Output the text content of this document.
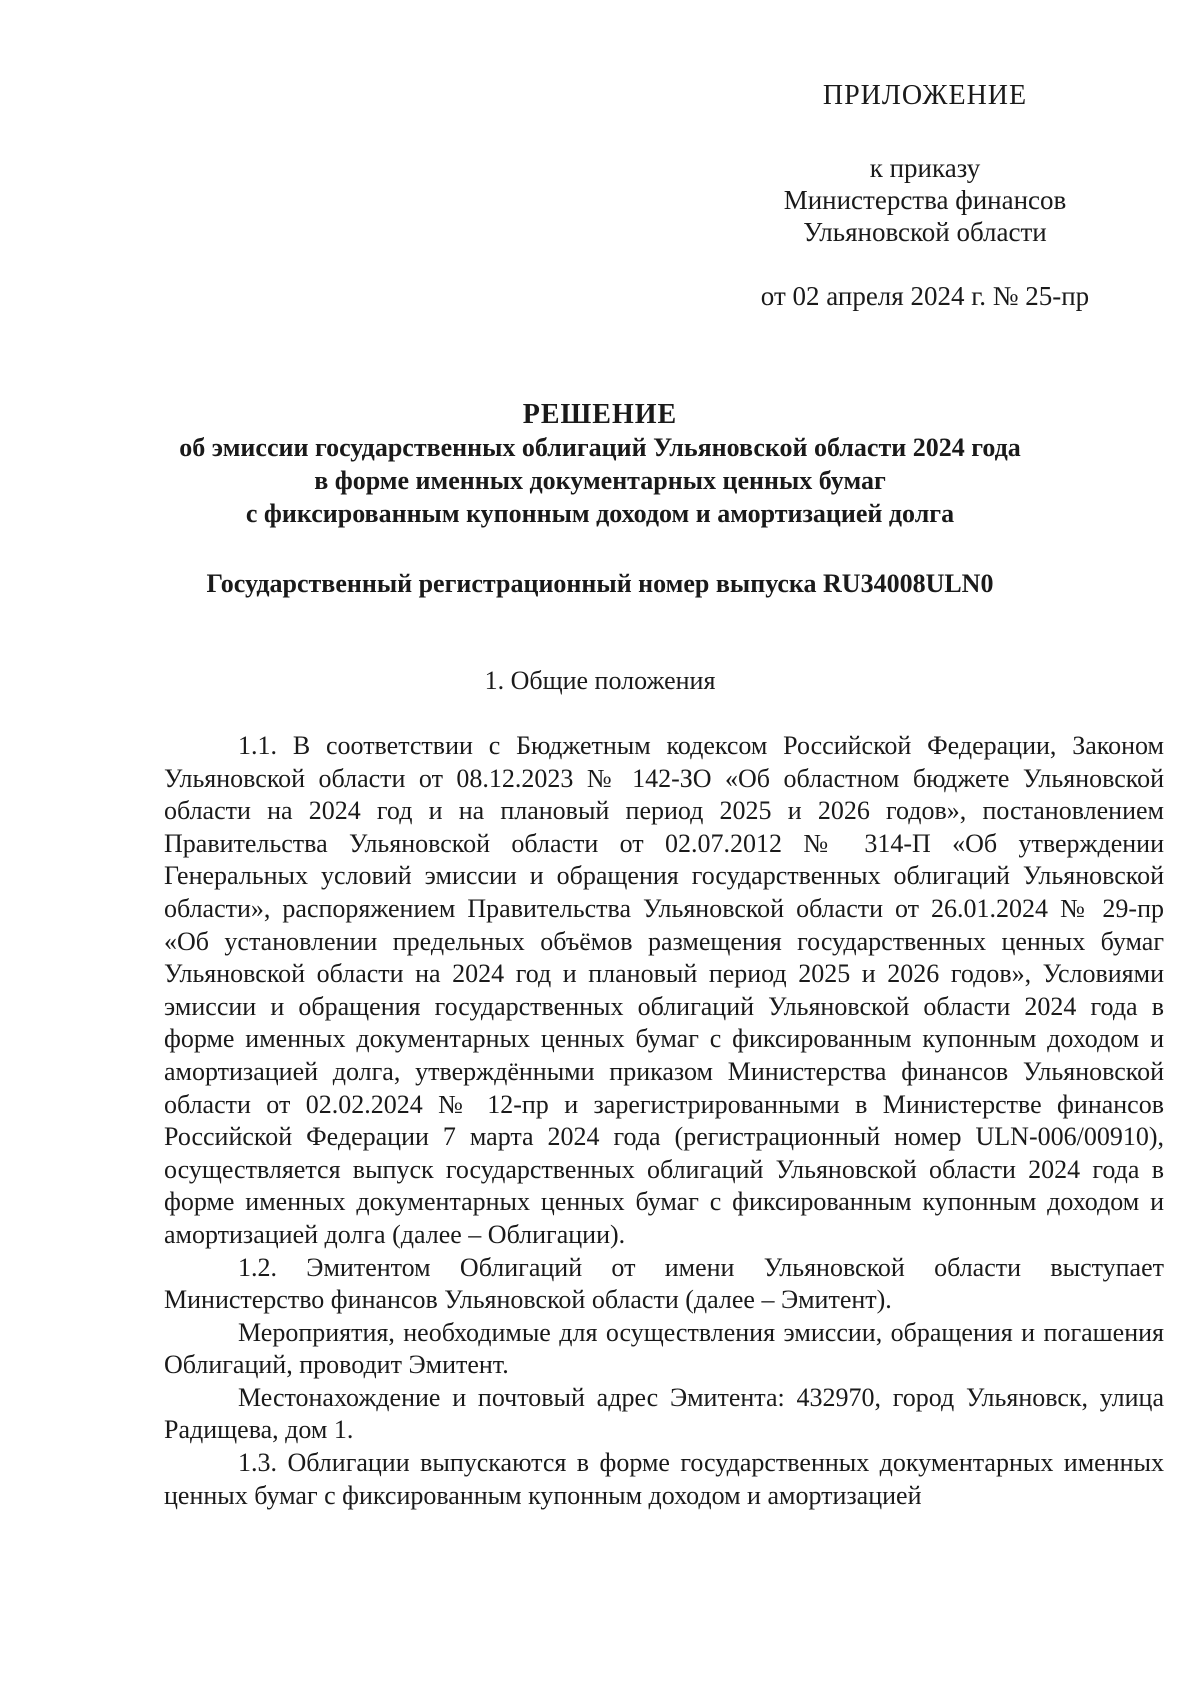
ПРИЛОЖЕНИЕ
к приказу
Министерства финансов
Ульяновской области
от 02 апреля 2024 г. № 25-пр
РЕШЕНИЕ
об эмиссии государственных облигаций Ульяновской области 2024 года
в форме именных документарных ценных бумаг
с фиксированным купонным доходом и амортизацией долга
Государственный регистрационный номер выпуска RU34008ULN0
1. Общие положения

1.1. В соответствии с Бюджетным кодексом Российской Федерации, Законом Ульяновской области от 08.12.2023 № 142-ЗО «Об областном бюджете Ульяновской области на 2024 год и на плановый период 2025 и 2026 годов», постановлением Правительства Ульяновской области от 02.07.2012 № 314-П «Об утверждении Генеральных условий эмиссии и обращения государственных облигаций Ульяновской области», распоряжением Правительства Ульяновской области от 26.01.2024 № 29-пр «Об установлении предельных объёмов размещения государственных ценных бумаг Ульяновской области на 2024 год и плановый период 2025 и 2026 годов», Условиями эмиссии и обращения государственных облигаций Ульяновской области 2024 года в форме именных документарных ценных бумаг с фиксированным купонным доходом и амортизацией долга, утверждёнными приказом Министерства финансов Ульяновской области от 02.02.2024 № 12-пр и зарегистрированными в Министерстве финансов Российской Федерации 7 марта 2024 года (регистрационный номер ULN-006/00910), осуществляется выпуск государственных облигаций Ульяновской области 2024 года в форме именных документарных ценных бумаг с фиксированным купонным доходом и амортизацией долга (далее – Облигации).

1.2. Эмитентом Облигаций от имени Ульяновской области выступает Министерство финансов Ульяновской области (далее – Эмитент).

Мероприятия, необходимые для осуществления эмиссии, обращения и погашения Облигаций, проводит Эмитент.

Местонахождение и почтовый адрес Эмитента: 432970, город Ульяновск, улица Радищева, дом 1.

1.3. Облигации выпускаются в форме государственных документарных именных ценных бумаг с фиксированным купонным доходом и амортизацией
